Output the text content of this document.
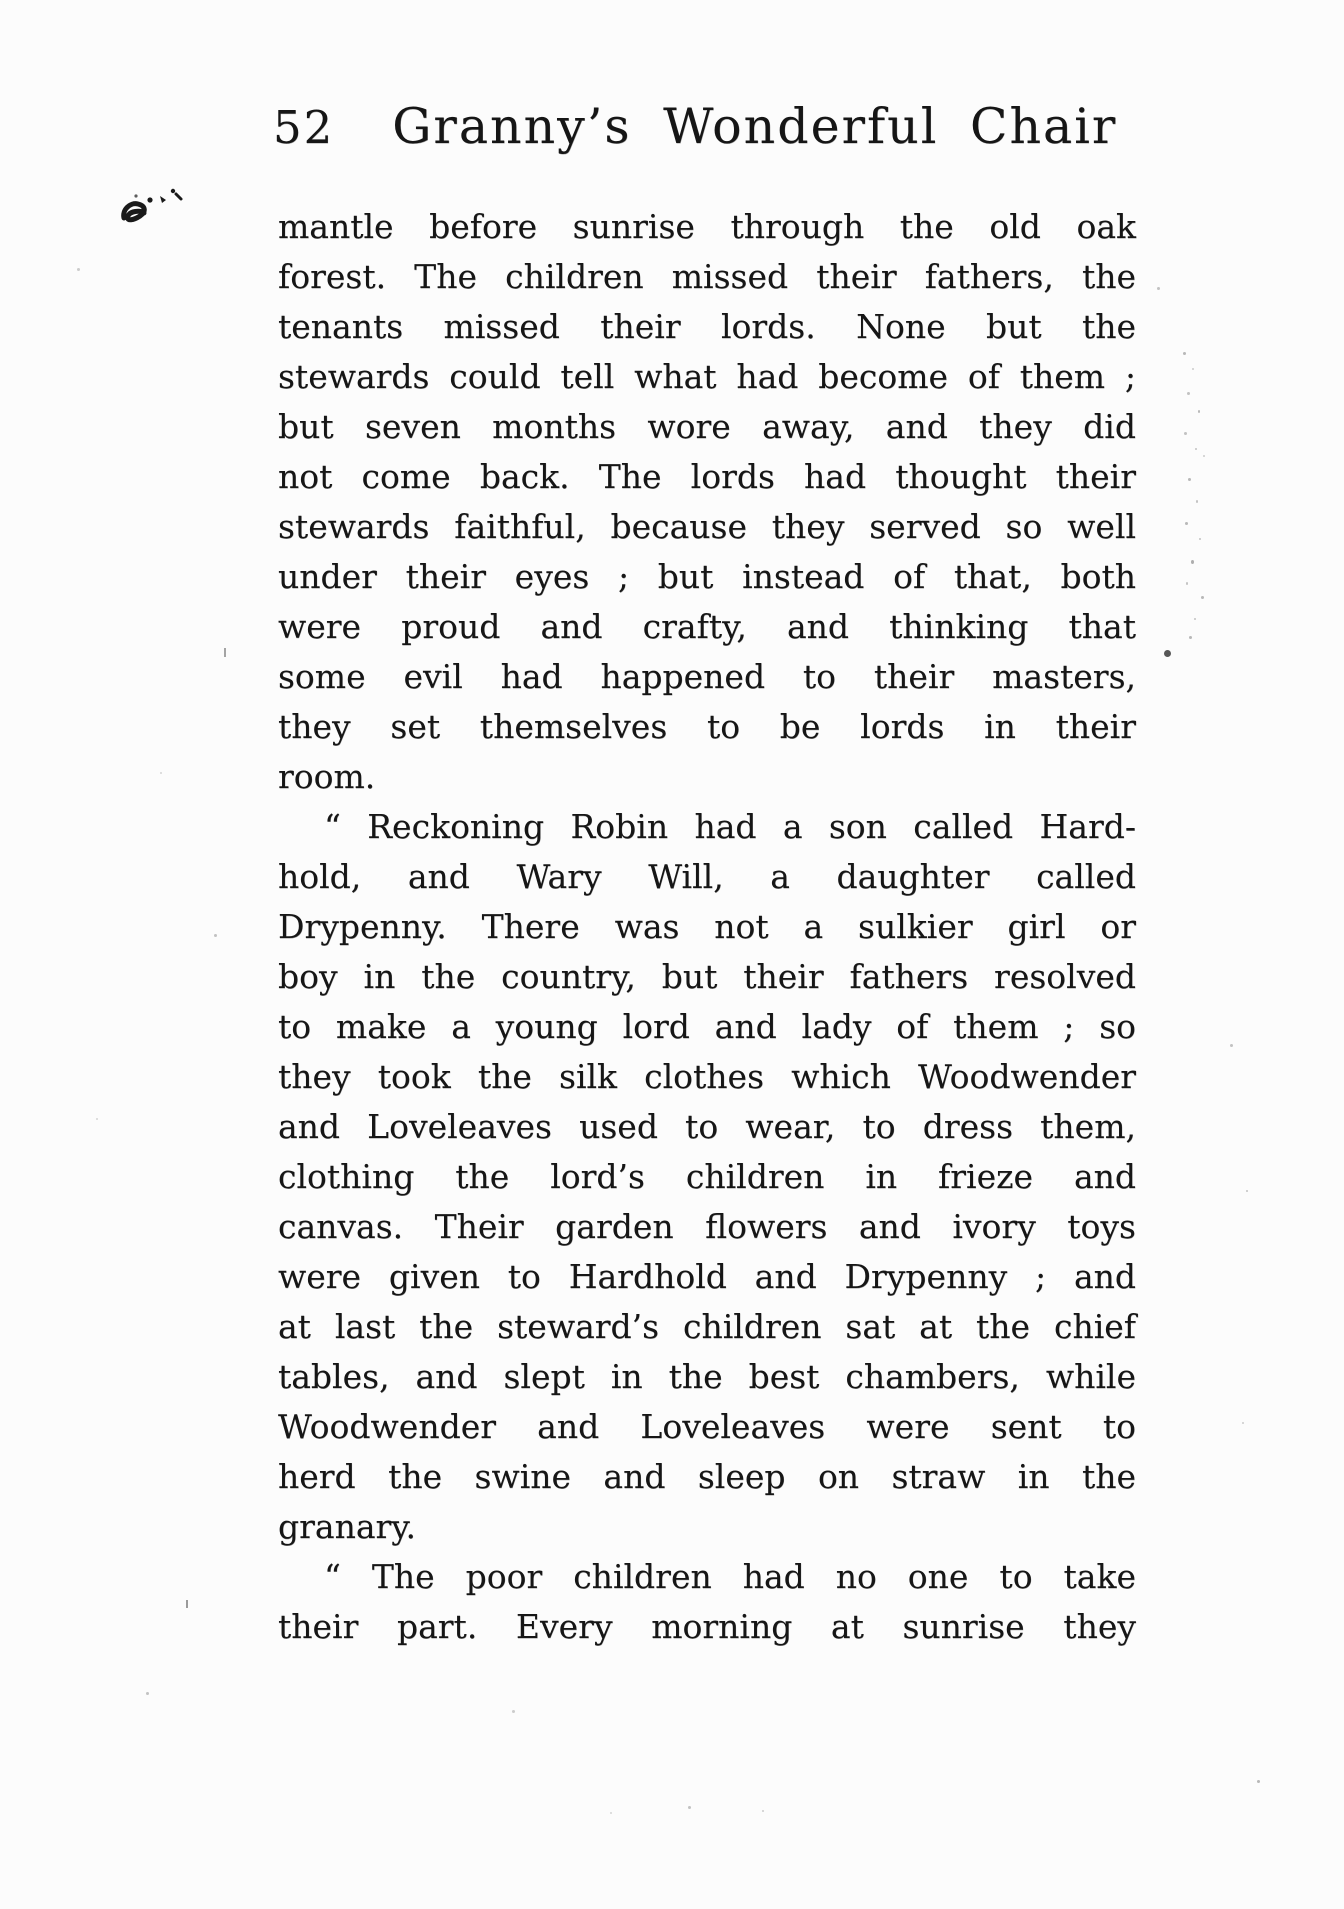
52 Granny’s Wonderful Chair
mantle before sunrise through the old oak
forest. The children missed their fathers, the
tenants missed their lords. None but the
stewards could tell what had become of them ;
but seven months wore away, and they did
not come back. The lords had thought their
stewards faithful, because they served so well
under their eyes ; but instead of that, both
were proud and crafty, and thinking that
some evil had happened to their masters,
they set themselves to be lords in their
room.
“ Reckoning Robin had a son called Hard-
hold, and Wary Will, a daughter called
Drypenny. There was not a sulkier girl or
boy in the country, but their fathers resolved
to make a young lord and lady of them ; so
they took the silk clothes which Woodwender
and Loveleaves used to wear, to dress them,
clothing the lord’s children in frieze and
canvas. Their garden flowers and ivory toys
were given to Hardhold and Drypenny ; and
at last the steward’s children sat at the chief
tables, and slept in the best chambers, while
Woodwender and Loveleaves were sent to
herd the swine and sleep on straw in the
granary.
“ The poor children had no one to take
their part. Every morning at sunrise they
